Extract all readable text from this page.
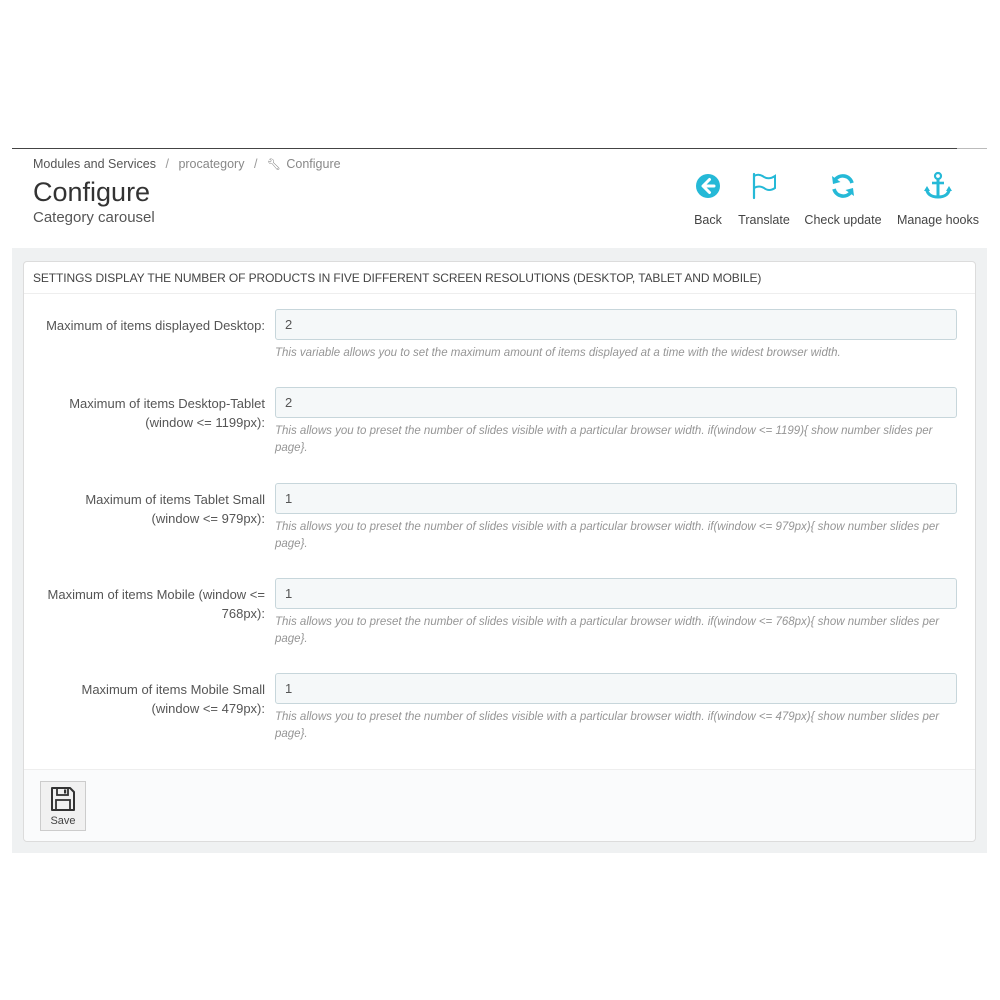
Modules and Services / procategory / 🔧︎ Configure
Configure
Category carousel	Back	Translate Check update Manage hooks
SETTINGS DISPLAY THE NUMBER OF PRODUCTS IN FIVE DIFFERENT SCREEN RESOLUTIONS (DESKTOP, TABLET AND MOBILE)
Maximum of items displayed Desktop:
2
This variable allows you to set the maximum amount of items displayed at a time with the widest browser width.
Maximum of items Desktop-Tablet (window <= 1199px):
2
This allows you to preset the number of slides visible with a particular browser width. if(window <= 1199){ show number slides per page}.
Maximum of items Tablet Small (window <= 979px):
1
This allows you to preset the number of slides visible with a particular browser width. if(window <= 979px){ show number slides per page}.
Maximum of items Mobile (window <= 768px):
1
This allows you to preset the number of slides visible with a particular browser width. if(window <= 768px){ show number slides per page}.
Maximum of items Mobile Small (window <= 479px):
1
This allows you to preset the number of slides visible with a particular browser width. if(window <= 479px){ show number slides per page}.
Save
